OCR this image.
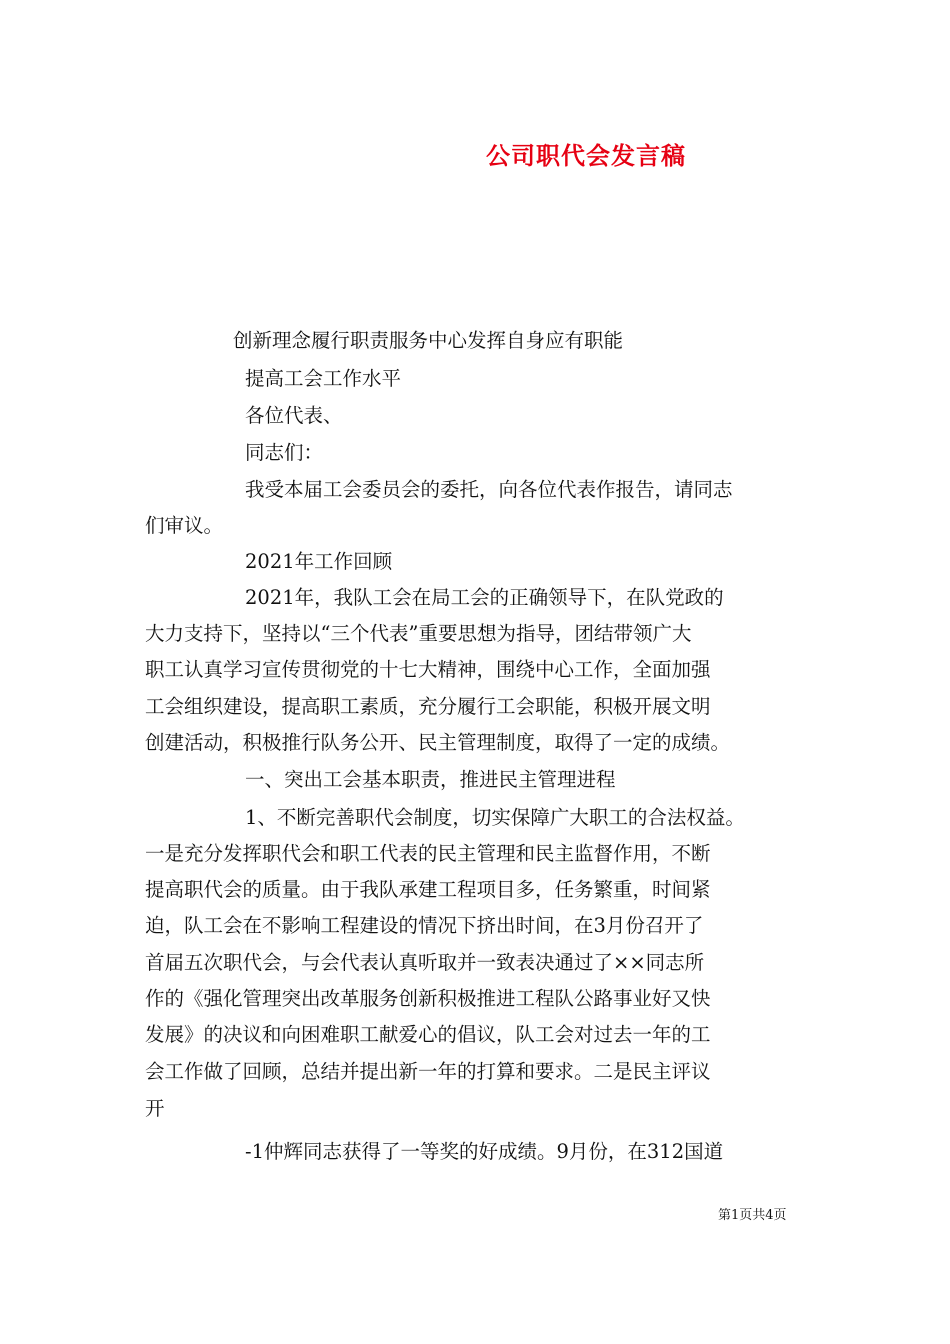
公司职代会发言稿
创新理念履行职责服务中心发挥自身应有职能
提高工会工作水平
各位代表、
同志们：
我受本届工会委员会的委托，向各位代表作报告，请同志
们审议。
2021年工作回顾
2021年，我队工会在局工会的正确领导下，在队党政的
大力支持下，坚持以“三个代表”重要思想为指导，团结带领广大
职工认真学习宣传贯彻党的十七大精神，围绕中心工作，全面加强
工会组织建设，提高职工素质，充分履行工会职能，积极开展文明
创建活动，积极推行队务公开、民主管理制度，取得了一定的成绩。
一、突出工会基本职责，推进民主管理进程
1、不断完善职代会制度，切实保障广大职工的合法权益。
一是充分发挥职代会和职工代表的民主管理和民主监督作用，不断
提高职代会的质量。由于我队承建工程项目多，任务繁重，时间紧
迫，队工会在不影响工程建设的情况下挤出时间，在3月份召开了
首届五次职代会，与会代表认真听取并一致表决通过了××同志所
作的《强化管理突出改革服务创新积极推进工程队公路事业好又快
发展》的决议和向困难职工献爱心的倡议，队工会对过去一年的工
会工作做了回顾，总结并提出新一年的打算和要求。二是民主评议
开
-1仲辉同志获得了一等奖的好成绩。9月份，在312国道
第1页共4页
